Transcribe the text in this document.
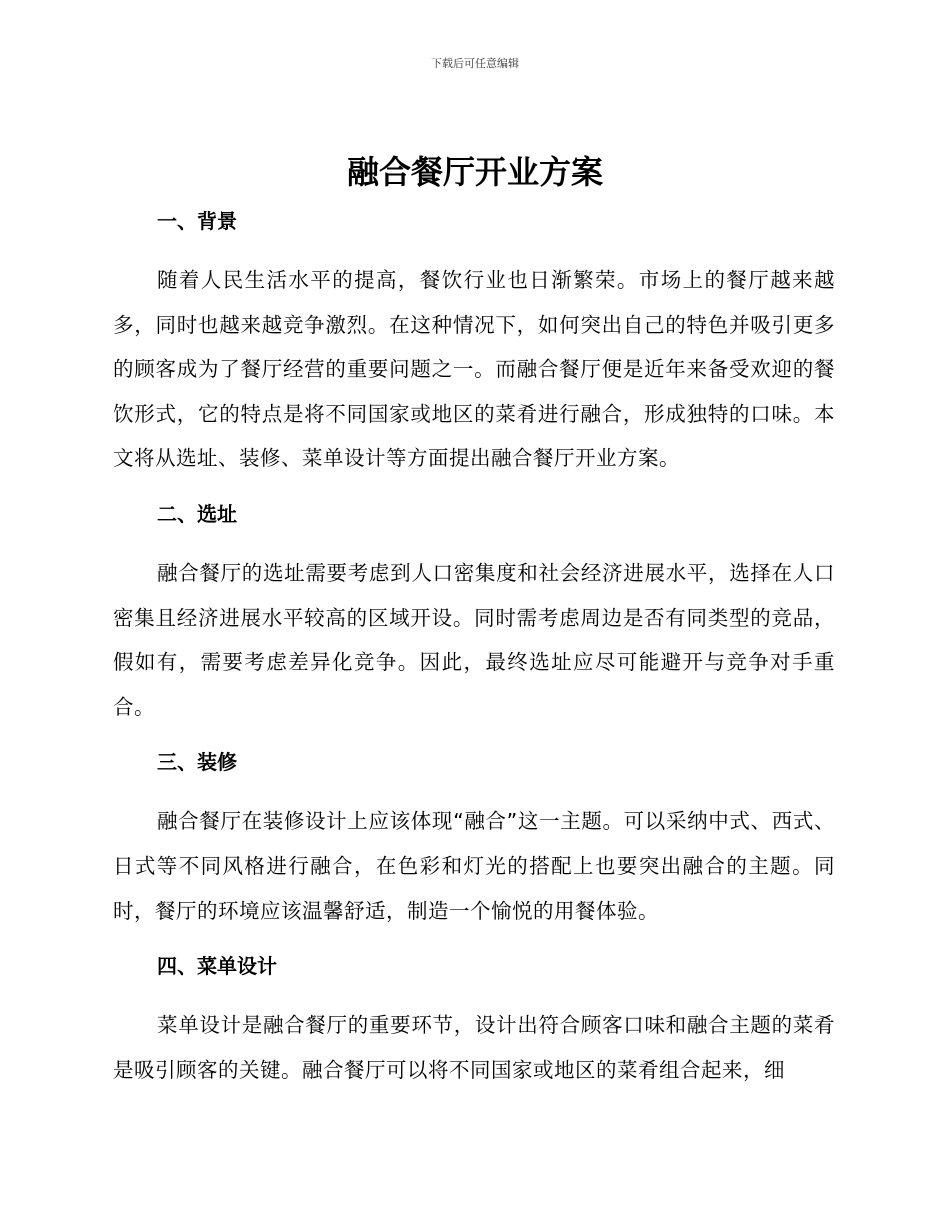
下载后可任意编辑
融合餐厅开业方案
一、背景

随着人民生活水平的提高，餐饮行业也日渐繁荣。市场上的餐厅越来越多，同时也越来越竞争激烈。在这种情况下，如何突出自己的特色并吸引更多的顾客成为了餐厅经营的重要问题之一。而融合餐厅便是近年来备受欢迎的餐饮形式，它的特点是将不同国家或地区的菜肴进行融合，形成独特的口味。本文将从选址、装修、菜单设计等方面提出融合餐厅开业方案。

二、选址

融合餐厅的选址需要考虑到人口密集度和社会经济进展水平，选择在人口密集且经济进展水平较高的区域开设。同时需考虑周边是否有同类型的竞品，假如有，需要考虑差异化竞争。因此，最终选址应尽可能避开与竞争对手重合。

三、装修

融合餐厅在装修设计上应该体现“融合”这一主题。可以采纳中式、西式、日式等不同风格进行融合，在色彩和灯光的搭配上也要突出融合的主题。同时，餐厅的环境应该温馨舒适，制造一个愉悦的用餐体验。

四、菜单设计

菜单设计是融合餐厅的重要环节，设计出符合顾客口味和融合主题的菜肴是吸引顾客的关键。融合餐厅可以将不同国家或地区的菜肴组合起来，细
